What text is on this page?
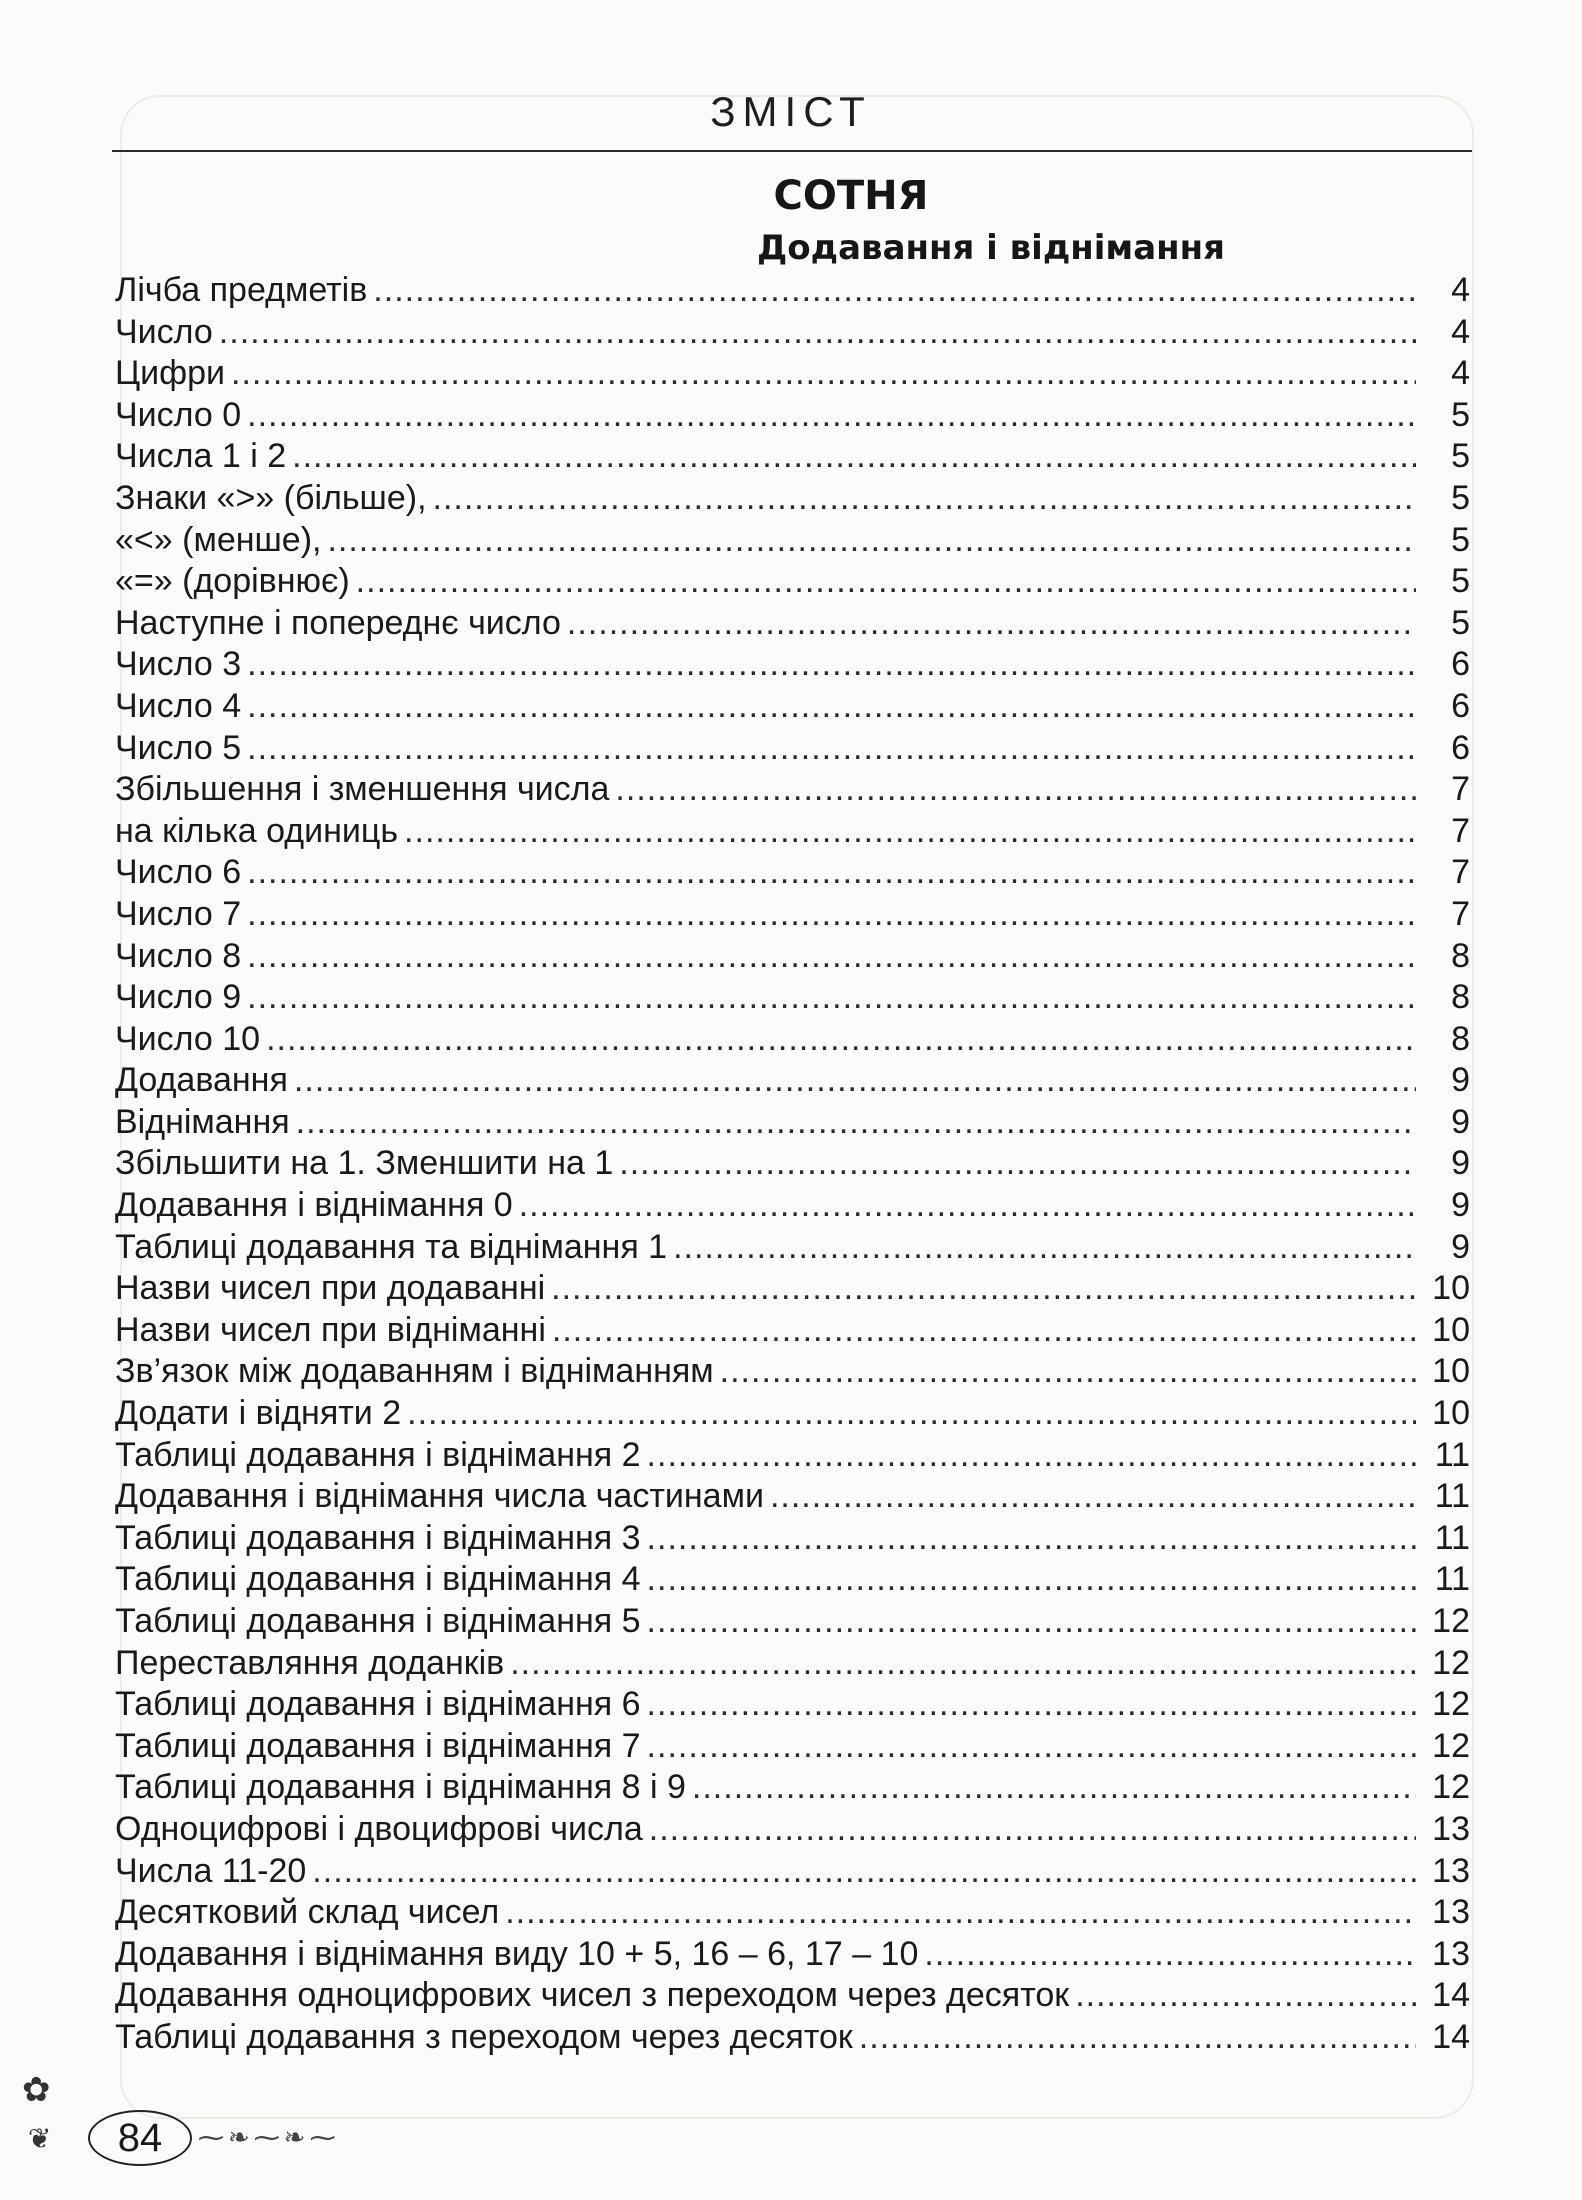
ЗМІСТ
СОТНЯ
Додавання і віднімання
Лічба предметів .....	4
Число .....	4
Цифри .....	4
Число 0 .....	5
Числа 1 і 2 .....	5
Знаки «>» (більше), .....	5
«<» (менше), .....	5
«=» (дорівнює) .....	5
Наступне і попереднє число .....	5
Число 3 .....	6
Число 4 .....	6
Число 5 .....	6
Збільшення і зменшення числа .....	7
на кілька одиниць .....	7
Число 6 .....	7
Число 7 .....	7
Число 8 .....	8
Число 9 .....	8
Число 10 .....	8
Додавання .....	9
Віднімання .....	9
Збільшити на 1. Зменшити на 1 .....	9
Додавання і віднімання 0 .....	9
Таблиці додавання та віднімання 1 .....	9
Назви чисел при додаванні .....	10
Назви чисел при відніманні .....	10
Зв’язок між додаванням і відніманням .....	10
Додати і відняти 2 .....	10
Таблиці додавання і віднімання 2 .....	11
Додавання і віднімання числа частинами .....	11
Таблиці додавання і віднімання 3 .....	11
Таблиці додавання і віднімання 4 .....	11
Таблиці додавання і віднімання 5 .....	12
Переставляння доданків .....	12
Таблиці додавання і віднімання 6 .....	12
Таблиці додавання і віднімання 7 .....	12
Таблиці додавання і віднімання 8 і 9 .....	12
Одноцифрові і двоцифрові числа .....	13
Числа 11-20 .....	13
Десятковий склад чисел .....	13
Додавання і віднімання виду 10 + 5, 16 – 6, 17 – 10 .....	13
Додавання одноцифрових чисел з переходом через десяток .....	14
Таблиці додавання з переходом через десяток .....	14
✿
❦	84	⁓❧⁓❧⁓
